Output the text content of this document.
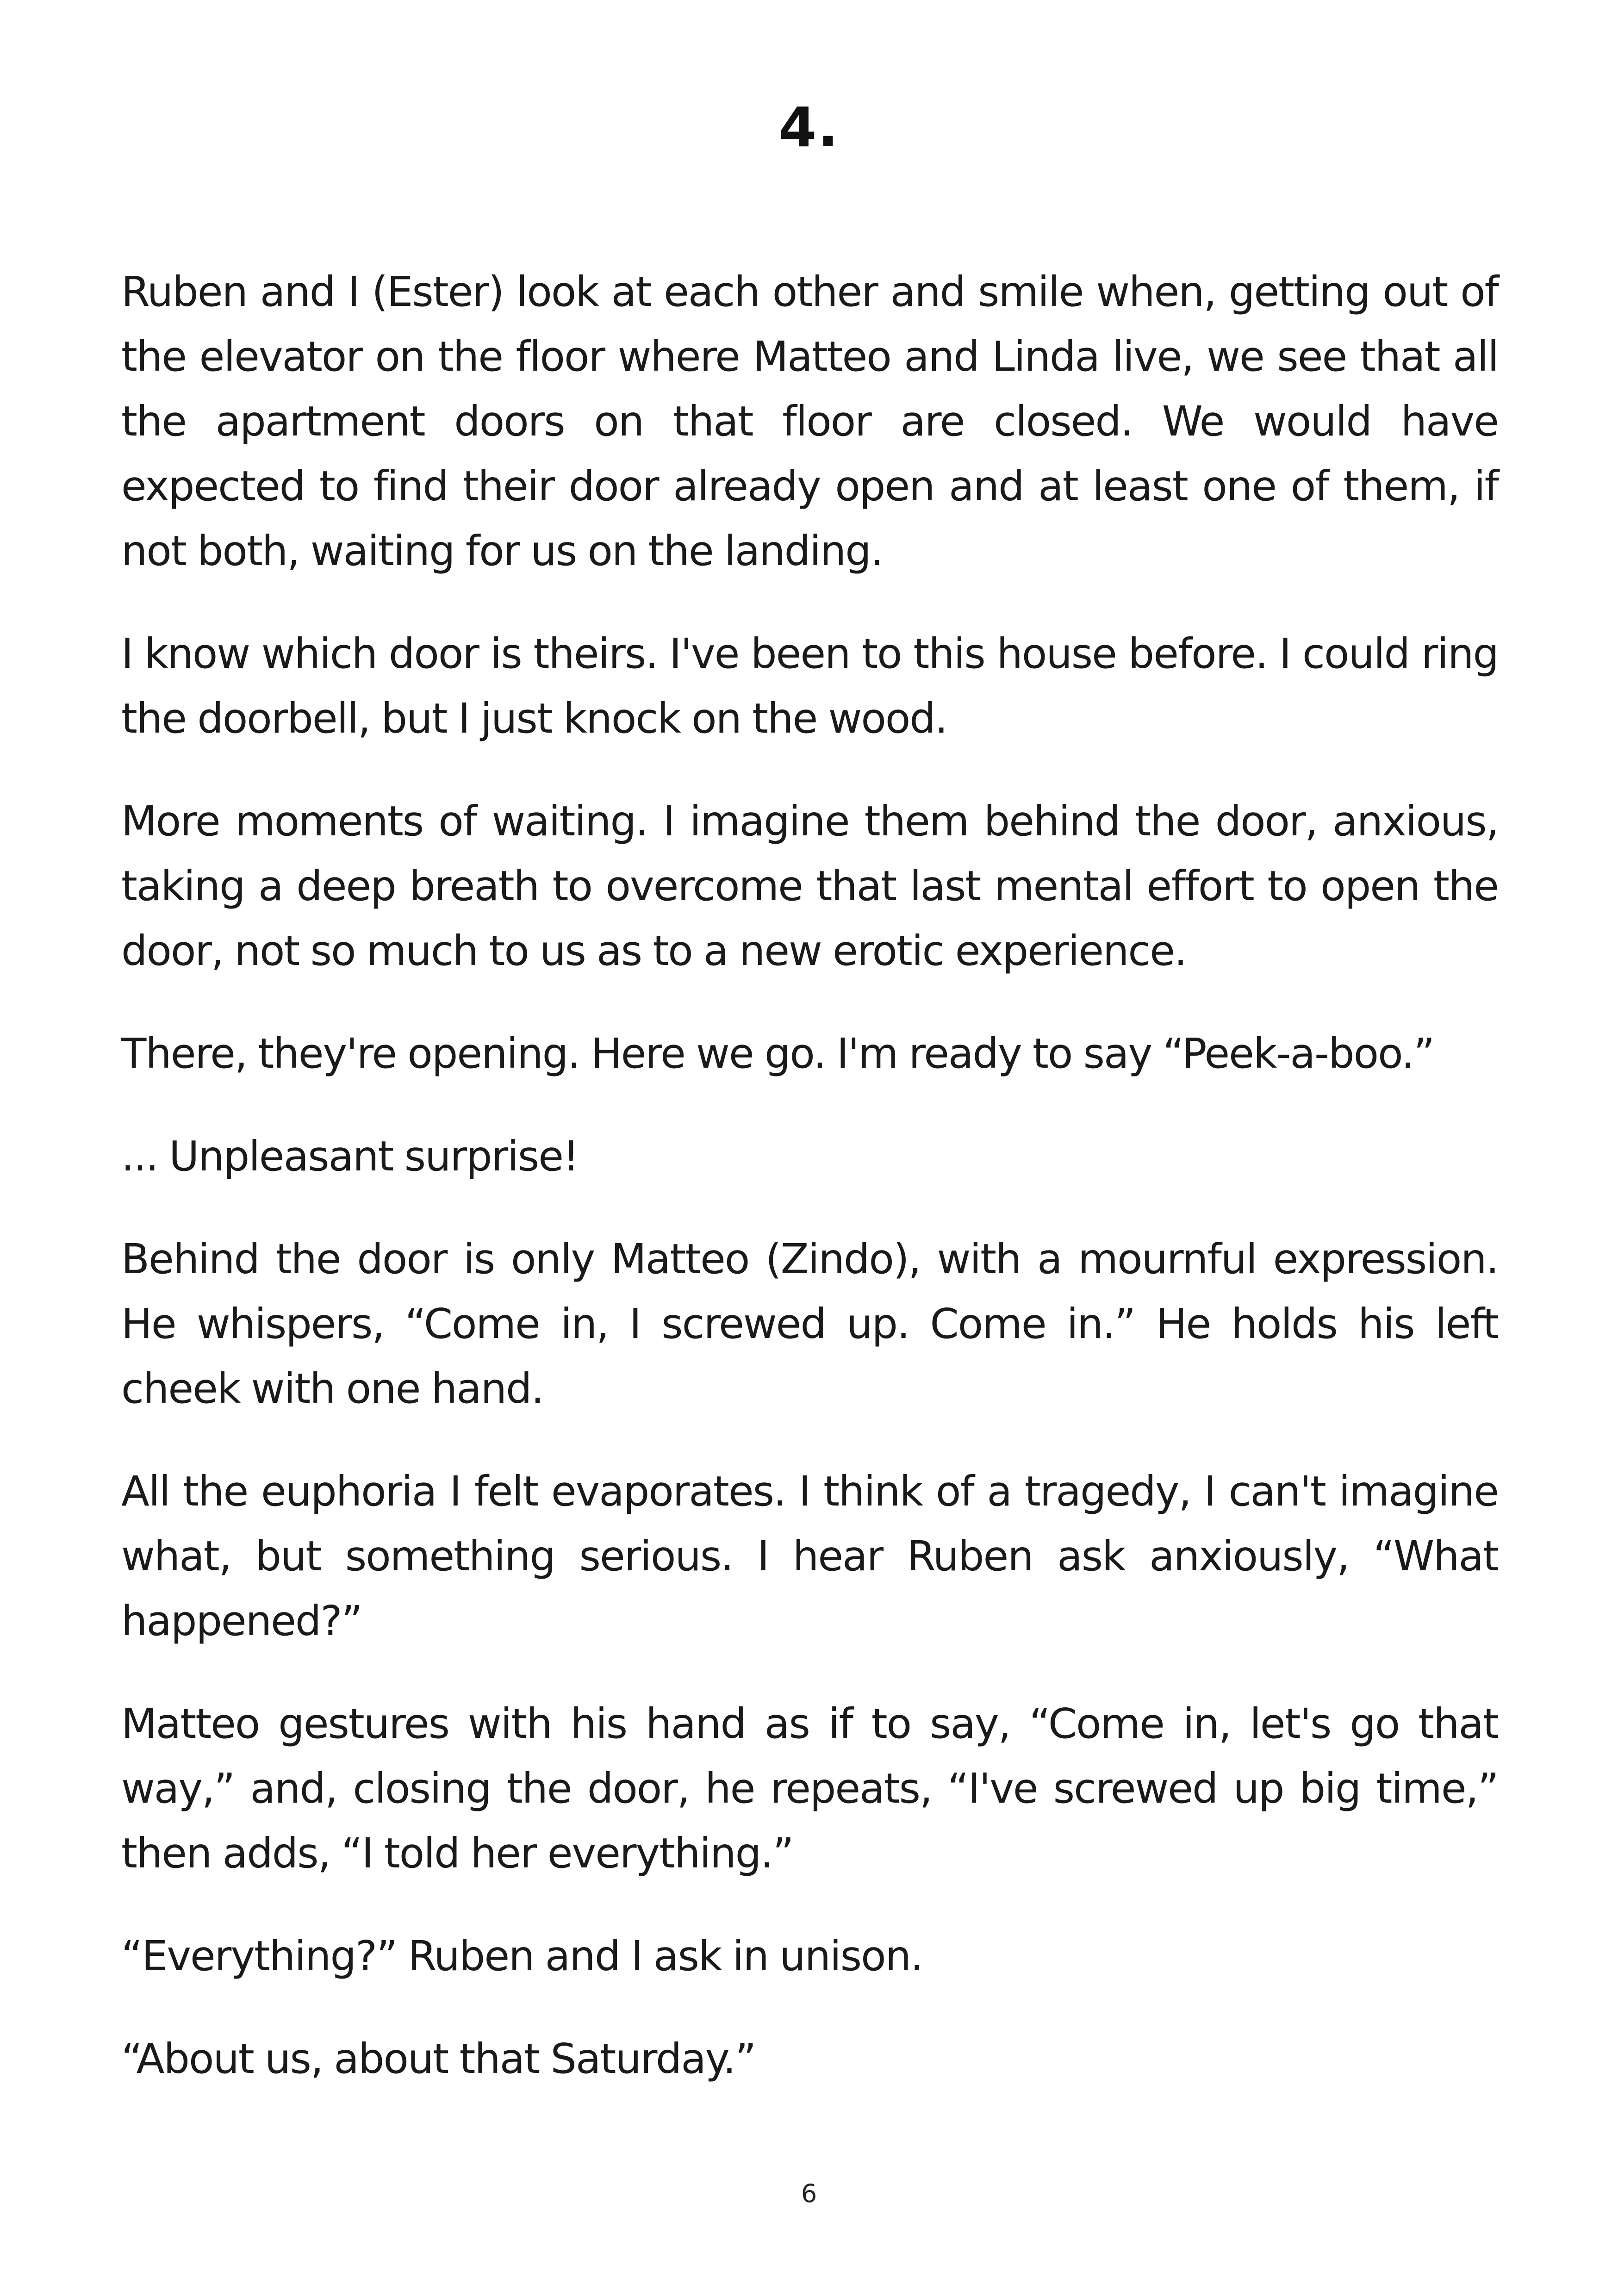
4.

Ruben and I (Ester) look at each other and smile when, getting out of the elevator on the floor where Matteo and Linda live, we see that all the apartment doors on that floor are closed. We would have expected to find their door already open and at least one of them, if not both, waiting for us on the landing.

I know which door is theirs. I've been to this house before. I could ring the doorbell, but I just knock on the wood.

More moments of waiting. I imagine them behind the door, anxious, taking a deep breath to overcome that last mental effort to open the door, not so much to us as to a new erotic experience.

There, they're opening. Here we go. I'm ready to say “Peek-a-boo.”

... Unpleasant surprise!

Behind the door is only Matteo (Zindo), with a mournful expression. He whispers, “Come in, I screwed up. Come in.” He holds his left cheek with one hand.

All the euphoria I felt evaporates. I think of a tragedy, I can't imagine what, but something serious. I hear Ruben ask anxiously, “What happened?”

Matteo gestures with his hand as if to say, “Come in, let's go that way,” and, closing the door, he repeats, “I've screwed up big time,” then adds, “I told her everything.”

“Everything?” Ruben and I ask in unison.

“About us, about that Saturday.”

6
